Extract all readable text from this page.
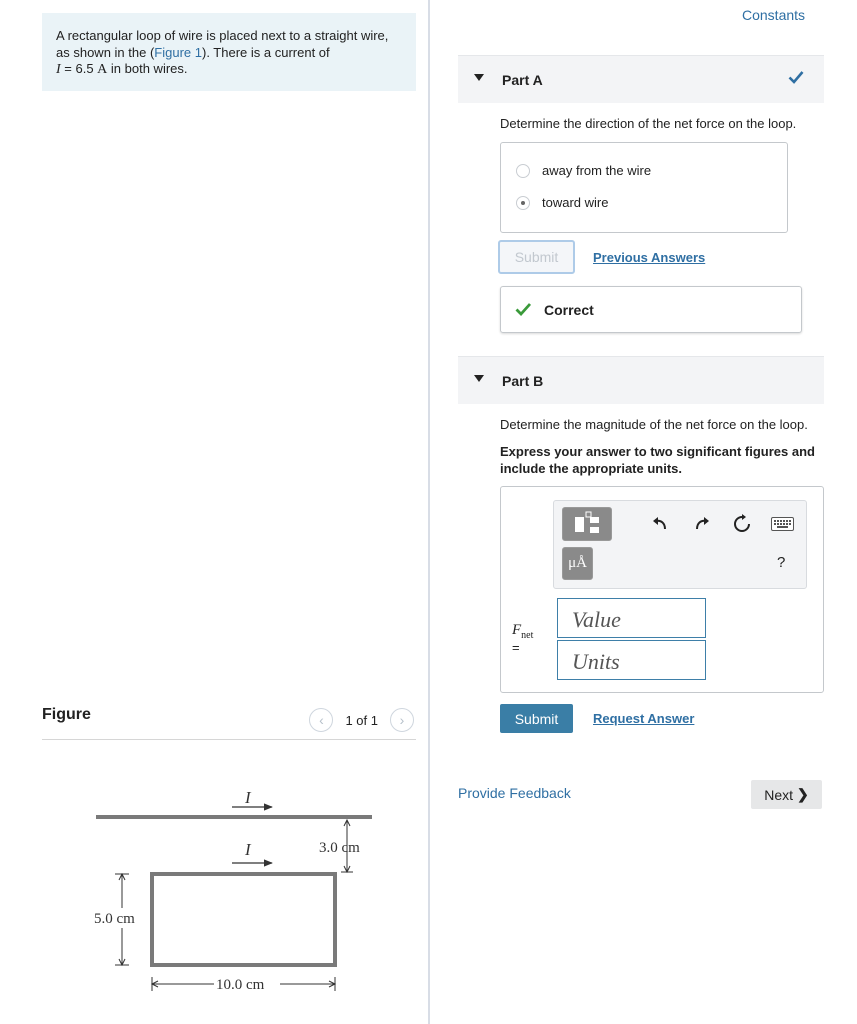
A rectangular loop of wire is placed next to a straight wire, as shown in the (Figure 1). There is a current of
I = 6.5 A in both wires.
Figure	‹ 1 of 1 ›
I
I	3.0 cm
5.0 cm
10.0 cm
Constants
Part A
Determine the direction of the net force on the loop.
away from the wire
toward wire
Submit	Previous Answers
Correct
Part B
Determine the magnitude of the net force on the loop.
Express your answer to two significant figures and include the appropriate units.
μÅ	?
$F_{net}$
=
Value
Units
Submit	Request Answer
Provide Feedback	Next ❯
